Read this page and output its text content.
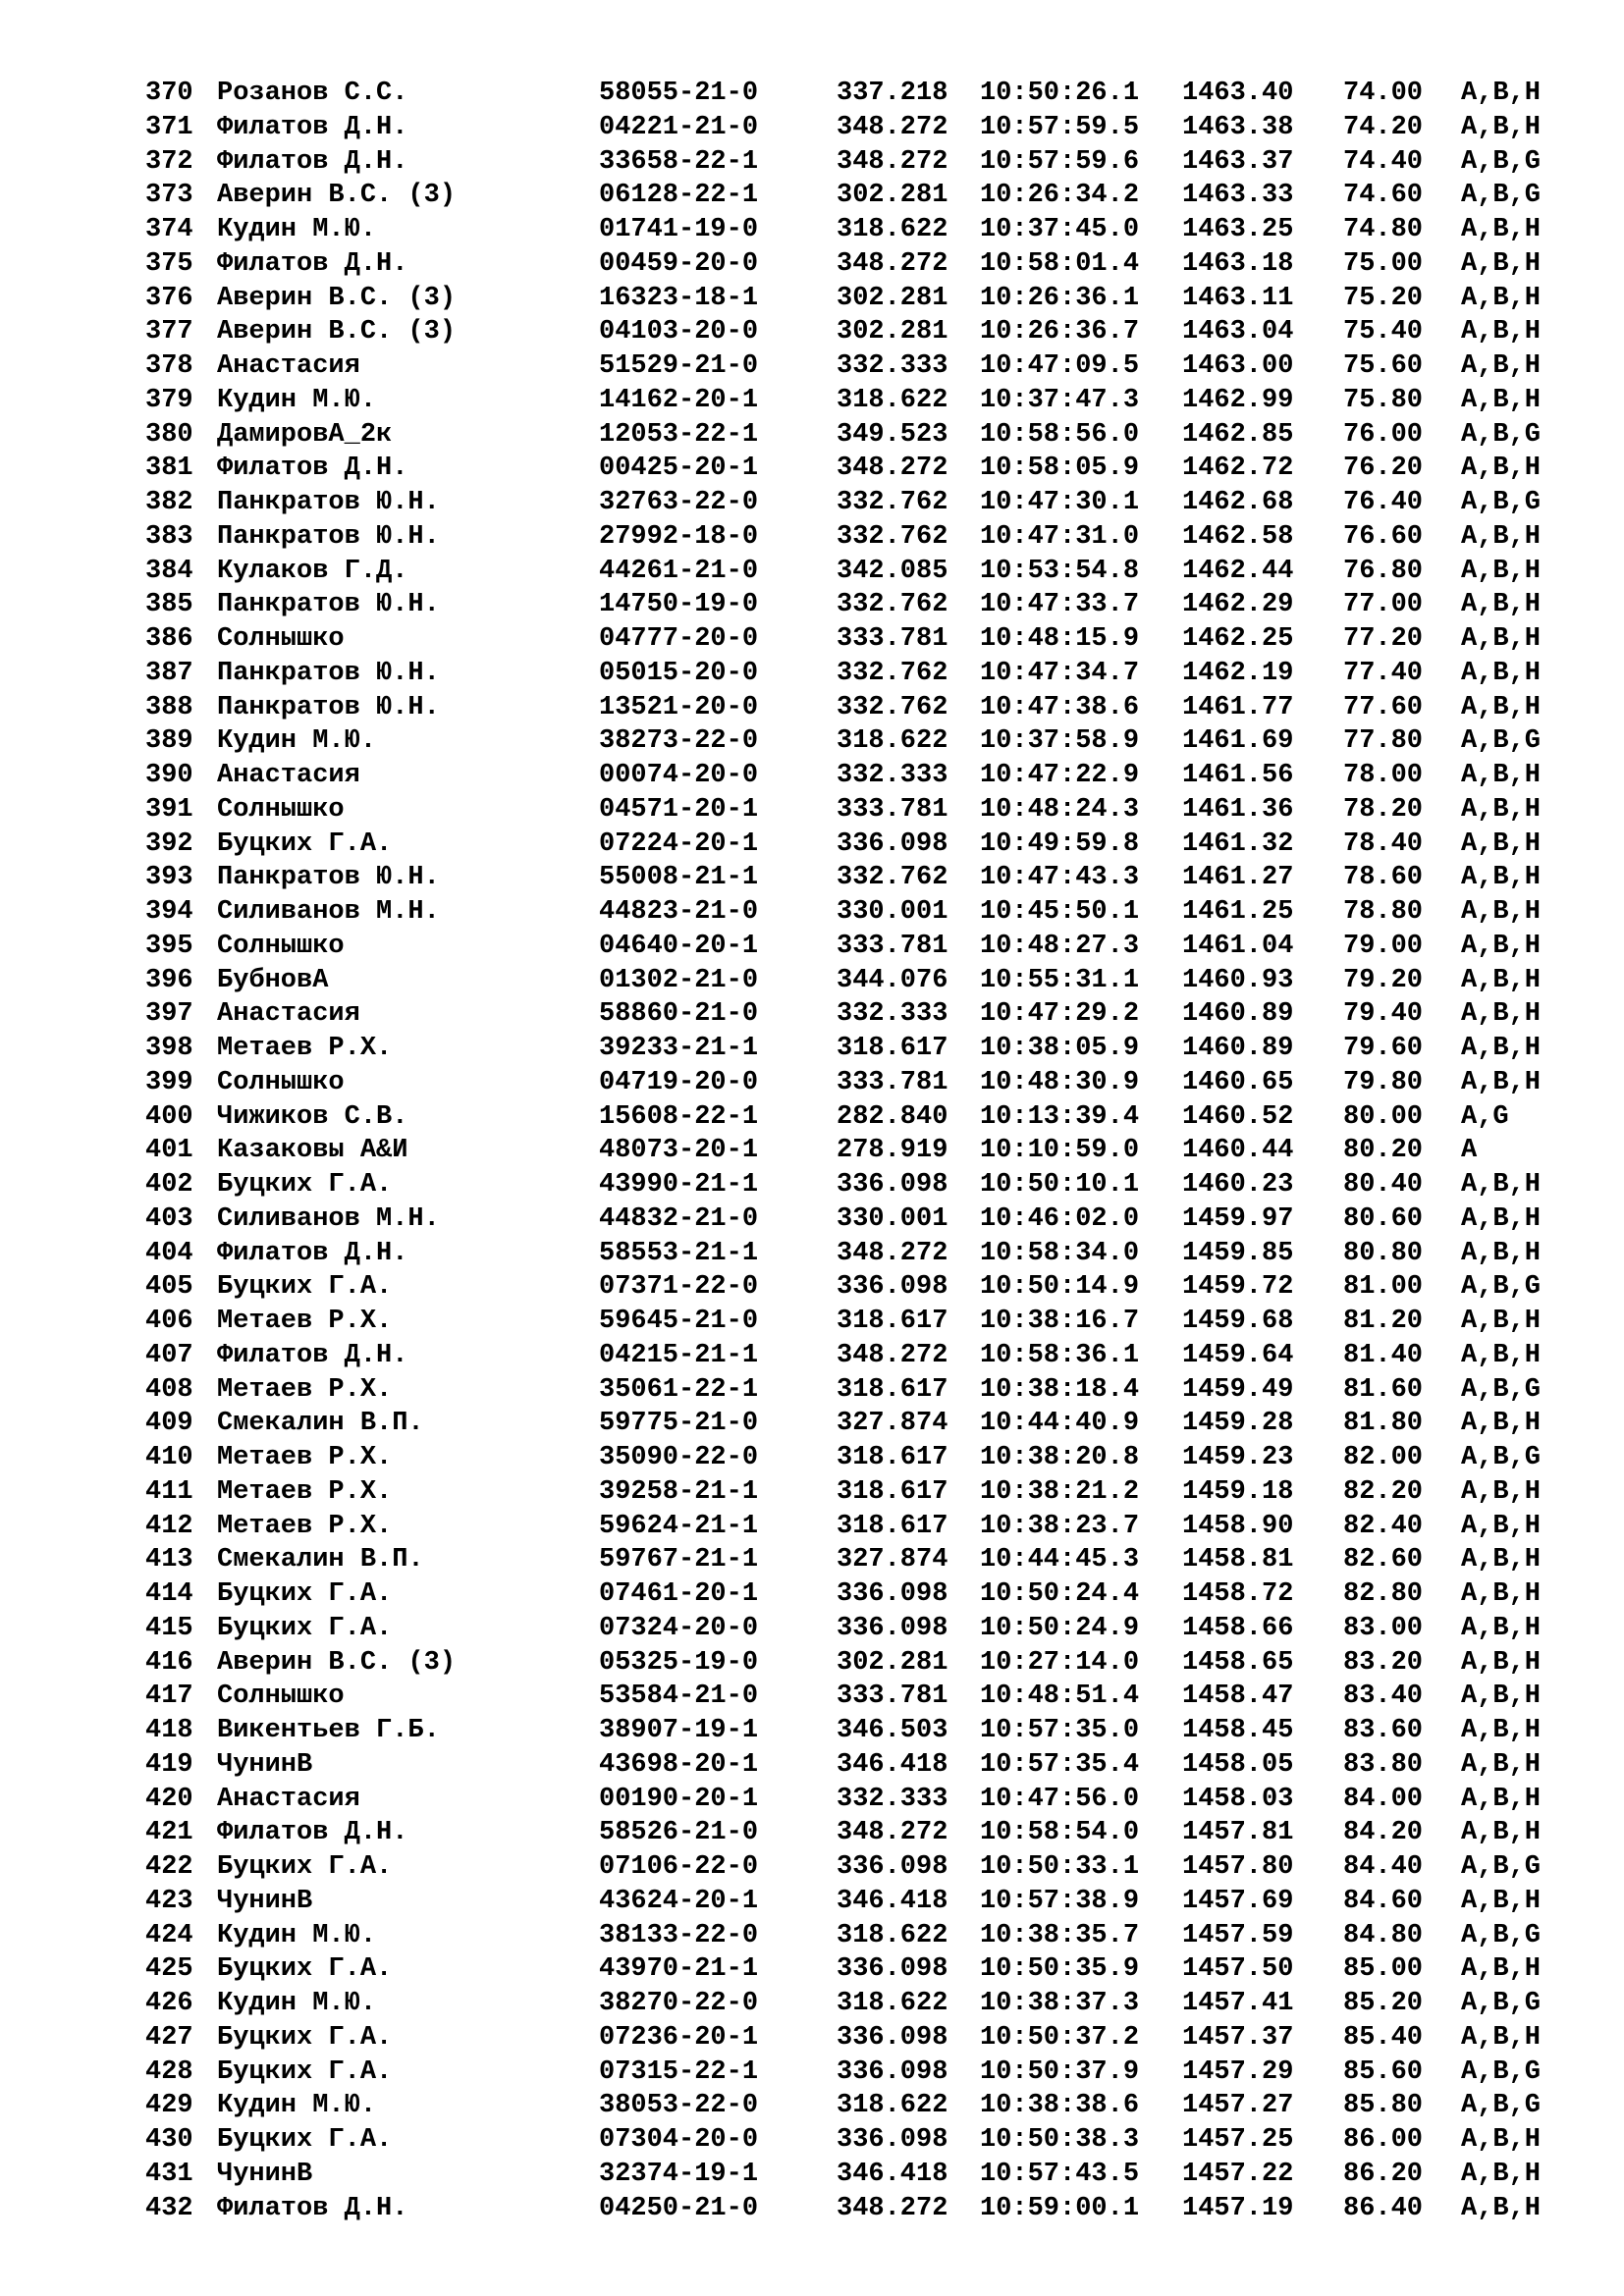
370 Розанов С.С.	58055-21-0	337.218 10:50:26.1 1463.40 74.00 A,B,H
371 Филатов Д.Н.	04221-21-0	348.272 10:57:59.5 1463.38 74.20 A,B,H
372 Филатов Д.Н.	33658-22-1	348.272 10:57:59.6 1463.37 74.40 A,B,G
373 Аверин В.С. (3)	06128-22-1	302.281 10:26:34.2 1463.33 74.60 A,B,G
374 Кудин М.Ю.	01741-19-0	318.622 10:37:45.0 1463.25 74.80 A,B,H
375 Филатов Д.Н.	00459-20-0	348.272 10:58:01.4 1463.18 75.00 A,B,H
376 Аверин В.С. (3)	16323-18-1	302.281 10:26:36.1 1463.11 75.20 A,B,H
377 Аверин В.С. (3)	04103-20-0	302.281 10:26:36.7 1463.04 75.40 A,B,H
378 Анастасия	51529-21-0	332.333 10:47:09.5 1463.00 75.60 A,B,H
379 Кудин М.Ю.	14162-20-1	318.622 10:37:47.3 1462.99 75.80 A,B,H
380 ДамировА_2к	12053-22-1	349.523 10:58:56.0 1462.85 76.00 A,B,G
381 Филатов Д.Н.	00425-20-1	348.272 10:58:05.9 1462.72 76.20 A,B,H
382 Панкратов Ю.Н.	32763-22-0	332.762 10:47:30.1 1462.68 76.40 A,B,G
383 Панкратов Ю.Н.	27992-18-0	332.762 10:47:31.0 1462.58 76.60 A,B,H
384 Кулаков Г.Д.	44261-21-0	342.085 10:53:54.8 1462.44 76.80 A,B,H
385 Панкратов Ю.Н.	14750-19-0	332.762 10:47:33.7 1462.29 77.00 A,B,H
386 Солнышко	04777-20-0	333.781 10:48:15.9 1462.25 77.20 A,B,H
387 Панкратов Ю.Н.	05015-20-0	332.762 10:47:34.7 1462.19 77.40 A,B,H
388 Панкратов Ю.Н.	13521-20-0	332.762 10:47:38.6 1461.77 77.60 A,B,H
389 Кудин М.Ю.	38273-22-0	318.622 10:37:58.9 1461.69 77.80 A,B,G
390 Анастасия	00074-20-0	332.333 10:47:22.9 1461.56 78.00 A,B,H
391 Солнышко	04571-20-1	333.781 10:48:24.3 1461.36 78.20 A,B,H
392 Буцких Г.А.	07224-20-1	336.098 10:49:59.8 1461.32 78.40 A,B,H
393 Панкратов Ю.Н.	55008-21-1	332.762 10:47:43.3 1461.27 78.60 A,B,H
394 Силиванов М.Н.	44823-21-0	330.001 10:45:50.1 1461.25 78.80 A,B,H
395 Солнышко	04640-20-1	333.781 10:48:27.3 1461.04 79.00 A,B,H
396 БубновА	01302-21-0	344.076 10:55:31.1 1460.93 79.20 A,B,H
397 Анастасия	58860-21-0	332.333 10:47:29.2 1460.89 79.40 A,B,H
398 Метаев Р.Х.	39233-21-1	318.617 10:38:05.9 1460.89 79.60 A,B,H
399 Солнышко	04719-20-0	333.781 10:48:30.9 1460.65 79.80 A,B,H
400 Чижиков С.В.	15608-22-1	282.840 10:13:39.4 1460.52 80.00 A,G
401 Казаковы А&И	48073-20-1	278.919 10:10:59.0 1460.44 80.20 A
402 Буцких Г.А.	43990-21-1	336.098 10:50:10.1 1460.23 80.40 A,B,H
403 Силиванов М.Н.	44832-21-0	330.001 10:46:02.0 1459.97 80.60 A,B,H
404 Филатов Д.Н.	58553-21-1	348.272 10:58:34.0 1459.85 80.80 A,B,H
405 Буцких Г.А.	07371-22-0	336.098 10:50:14.9 1459.72 81.00 A,B,G
406 Метаев Р.Х.	59645-21-0	318.617 10:38:16.7 1459.68 81.20 A,B,H
407 Филатов Д.Н.	04215-21-1	348.272 10:58:36.1 1459.64 81.40 A,B,H
408 Метаев Р.Х.	35061-22-1	318.617 10:38:18.4 1459.49 81.60 A,B,G
409 Смекалин В.П.	59775-21-0	327.874 10:44:40.9 1459.28 81.80 A,B,H
410 Метаев Р.Х.	35090-22-0	318.617 10:38:20.8 1459.23 82.00 A,B,G
411 Метаев Р.Х.	39258-21-1	318.617 10:38:21.2 1459.18 82.20 A,B,H
412 Метаев Р.Х.	59624-21-1	318.617 10:38:23.7 1458.90 82.40 A,B,H
413 Смекалин В.П.	59767-21-1	327.874 10:44:45.3 1458.81 82.60 A,B,H
414 Буцких Г.А.	07461-20-1	336.098 10:50:24.4 1458.72 82.80 A,B,H
415 Буцких Г.А.	07324-20-0	336.098 10:50:24.9 1458.66 83.00 A,B,H
416 Аверин В.С. (3)	05325-19-0	302.281 10:27:14.0 1458.65 83.20 A,B,H
417 Солнышко	53584-21-0	333.781 10:48:51.4 1458.47 83.40 A,B,H
418 Викентьев Г.Б.	38907-19-1	346.503 10:57:35.0 1458.45 83.60 A,B,H
419 ЧунинВ	43698-20-1	346.418 10:57:35.4 1458.05 83.80 A,B,H
420 Анастасия	00190-20-1	332.333 10:47:56.0 1458.03 84.00 A,B,H
421 Филатов Д.Н.	58526-21-0	348.272 10:58:54.0 1457.81 84.20 A,B,H
422 Буцких Г.А.	07106-22-0	336.098 10:50:33.1 1457.80 84.40 A,B,G
423 ЧунинВ	43624-20-1	346.418 10:57:38.9 1457.69 84.60 A,B,H
424 Кудин М.Ю.	38133-22-0	318.622 10:38:35.7 1457.59 84.80 A,B,G
425 Буцких Г.А.	43970-21-1	336.098 10:50:35.9 1457.50 85.00 A,B,H
426 Кудин М.Ю.	38270-22-0	318.622 10:38:37.3 1457.41 85.20 A,B,G
427 Буцких Г.А.	07236-20-1	336.098 10:50:37.2 1457.37 85.40 A,B,H
428 Буцких Г.А.	07315-22-1	336.098 10:50:37.9 1457.29 85.60 A,B,G
429 Кудин М.Ю.	38053-22-0	318.622 10:38:38.6 1457.27 85.80 A,B,G
430 Буцких Г.А.	07304-20-0	336.098 10:50:38.3 1457.25 86.00 A,B,H
431 ЧунинВ	32374-19-1	346.418 10:57:43.5 1457.22 86.20 A,B,H
432 Филатов Д.Н.	04250-21-0	348.272 10:59:00.1 1457.19 86.40 A,B,H
